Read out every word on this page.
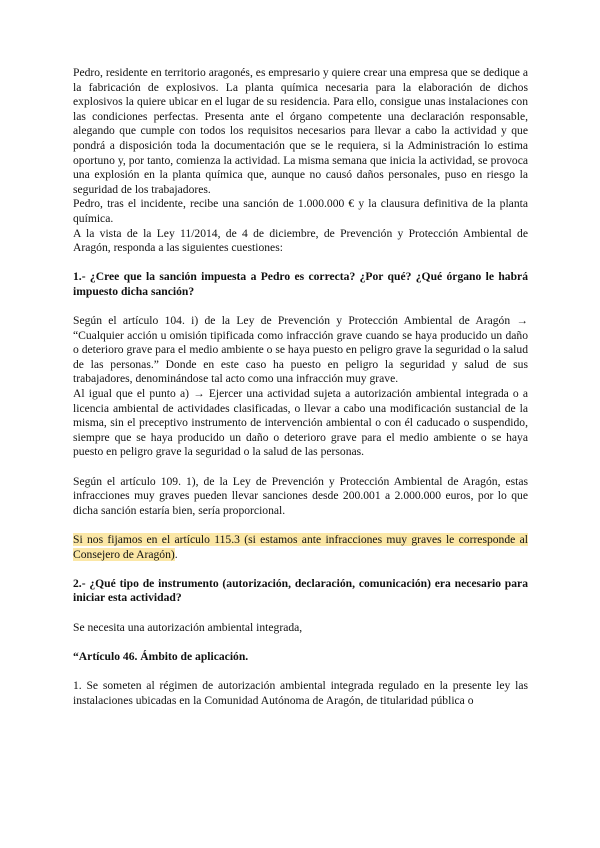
Pedro, residente en territorio aragonés, es empresario y quiere crear una empresa que se dedique a la fabricación de explosivos. La planta química necesaria para la elaboración de dichos explosivos la quiere ubicar en el lugar de su residencia. Para ello, consigue unas instalaciones con las condiciones perfectas. Presenta ante el órgano competente una declaración responsable, alegando que cumple con todos los requisitos necesarios para llevar a cabo la actividad y que pondrá a disposición toda la documentación que se le requiera, si la Administración lo estima oportuno y, por tanto, comienza la actividad. La misma semana que inicia la actividad, se provoca una explosión en la planta química que, aunque no causó daños personales, puso en riesgo la seguridad de los trabajadores.

Pedro, tras el incidente, recibe una sanción de 1.000.000 € y la clausura definitiva de la planta química.

A la vista de la Ley 11/2014, de 4 de diciembre, de Prevención y Protección Ambiental de Aragón, responda a las siguientes cuestiones:

1.- ¿Cree que la sanción impuesta a Pedro es correcta? ¿Por qué? ¿Qué órgano le habrá impuesto dicha sanción?

Según el artículo 104. i) de la Ley de Prevención y Protección Ambiental de Aragón → “Cualquier acción u omisión tipificada como infracción grave cuando se haya producido un daño o deterioro grave para el medio ambiente o se haya puesto en peligro grave la seguridad o la salud de las personas.” Donde en este caso ha puesto en peligro la seguridad y salud de sus trabajadores, denominándose tal acto como una infracción muy grave.

Al igual que el punto a) → Ejercer una actividad sujeta a autorización ambiental integrada o a licencia ambiental de actividades clasificadas, o llevar a cabo una modificación sustancial de la misma, sin el preceptivo instrumento de intervención ambiental o con él caducado o suspendido, siempre que se haya producido un daño o deterioro grave para el medio ambiente o se haya puesto en peligro grave la seguridad o la salud de las personas.

Según el artículo 109. 1), de la Ley de Prevención y Protección Ambiental de Aragón, estas infracciones muy graves pueden llevar sanciones desde 200.001 a 2.000.000 euros, por lo que dicha sanción estaría bien, sería proporcional.

Si nos fijamos en el artículo 115.3 (si estamos ante infracciones muy graves le corresponde al Consejero de Aragón).

2.- ¿Qué tipo de instrumento (autorización, declaración, comunicación) era necesario para iniciar esta actividad?

Se necesita una autorización ambiental integrada,

“Artículo 46. Ámbito de aplicación.

1. Se someten al régimen de autorización ambiental integrada regulado en la presente ley las instalaciones ubicadas en la Comunidad Autónoma de Aragón, de titularidad pública o
